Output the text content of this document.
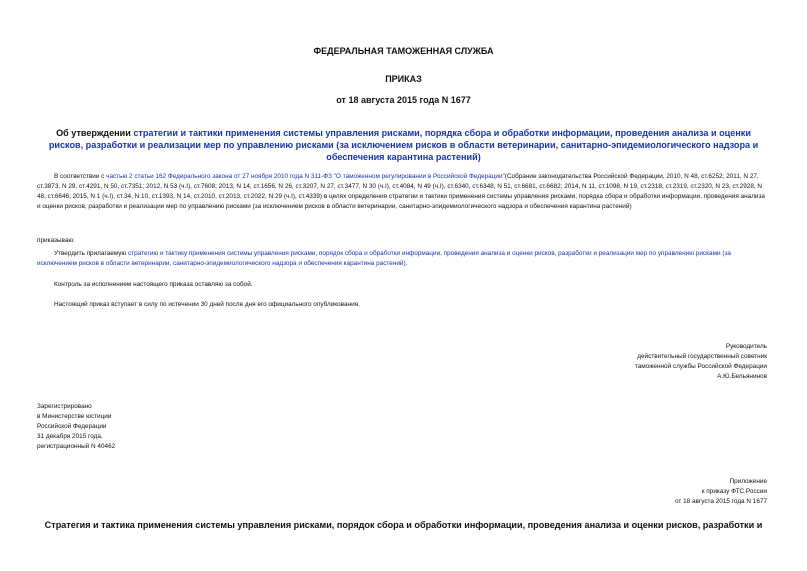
ФЕДЕРАЛЬНАЯ ТАМОЖЕННАЯ СЛУЖБА
ПРИКАЗ
от 18 августа 2015 года N 1677
Об утверждении стратегии и тактики применения системы управления рисками, порядка сбора и обработки информации, проведения анализа и оценки рисков, разработки и реализации мер по управлению рисками (за исключением рисков в области ветеринарии, санитарно-эпидемиологического надзора и обеспечения карантина растений)
В соответствии с частью 2 статьи 162 Федерального закона от 27 ноября 2010 года N 311-ФЗ "О таможенном регулировании в Российской Федерации"(Собрание законодательства Российской Федерации, 2010, N 48, ст.6252; 2011, N 27, ст.3873, N 29, ст.4291, N 50, ст.7351; 2012, N 53 (ч.I), ст.7608; 2013, N 14, ст.1656, N 26, ст.3207, N 27, ст.3477, N 30 (ч.I), ст.4084, N 49 (ч.I), ст.6340, ст.6348, N 51, ст.6681, ст.6682; 2014, N 11, ст.1098, N 19, ст.2318, ст.2319, ст.2320, N 23, ст.2928, N 48, ст.6646; 2015, N 1 (ч.I), ст.34, N 10, ст.1393, N 14, ст.2010, ст.2013, ст.2022, N 29 (ч.I), ст.4339) в целях определения стратегии и тактики применения системы управления рисками, порядка сбора и обработки информации, проведения анализа и оценки рисков, разработки и реализации мер по управлению рисками (за исключением рисков в области ветеринарии, санитарно-эпидемиологического надзора и обеспечения карантина растений)
приказываю:
Утвердить прилагаемую стратегию и тактику применения системы управления рисками, порядок сбора и обработки информации, проведения анализа и оценки рисков, разработки и реализации мер по управлению рисками (за исключением рисков в области ветеринарии, санитарно-эпидемиологического надзора и обеспечения карантина растений).
Контроль за исполнением настоящего приказа оставляю за собой.
Настоящий приказ вступает в силу по истечении 30 дней после дня его официального опубликования.
Руководитель
действительный государственный советник
таможенной службы Российской Федерации
А.Ю.Бельянинов
Зарегистрировано
в Министерстве юстиции
Российской Федерации
31 декабря 2015 года,
регистрационный N 40462
Приложение
к приказу ФТС России
от 18 августа 2015 года N 1677
Стратегия и тактика применения системы управления рисками, порядок сбора и обработки информации, проведения анализа и оценки рисков, разработки и
